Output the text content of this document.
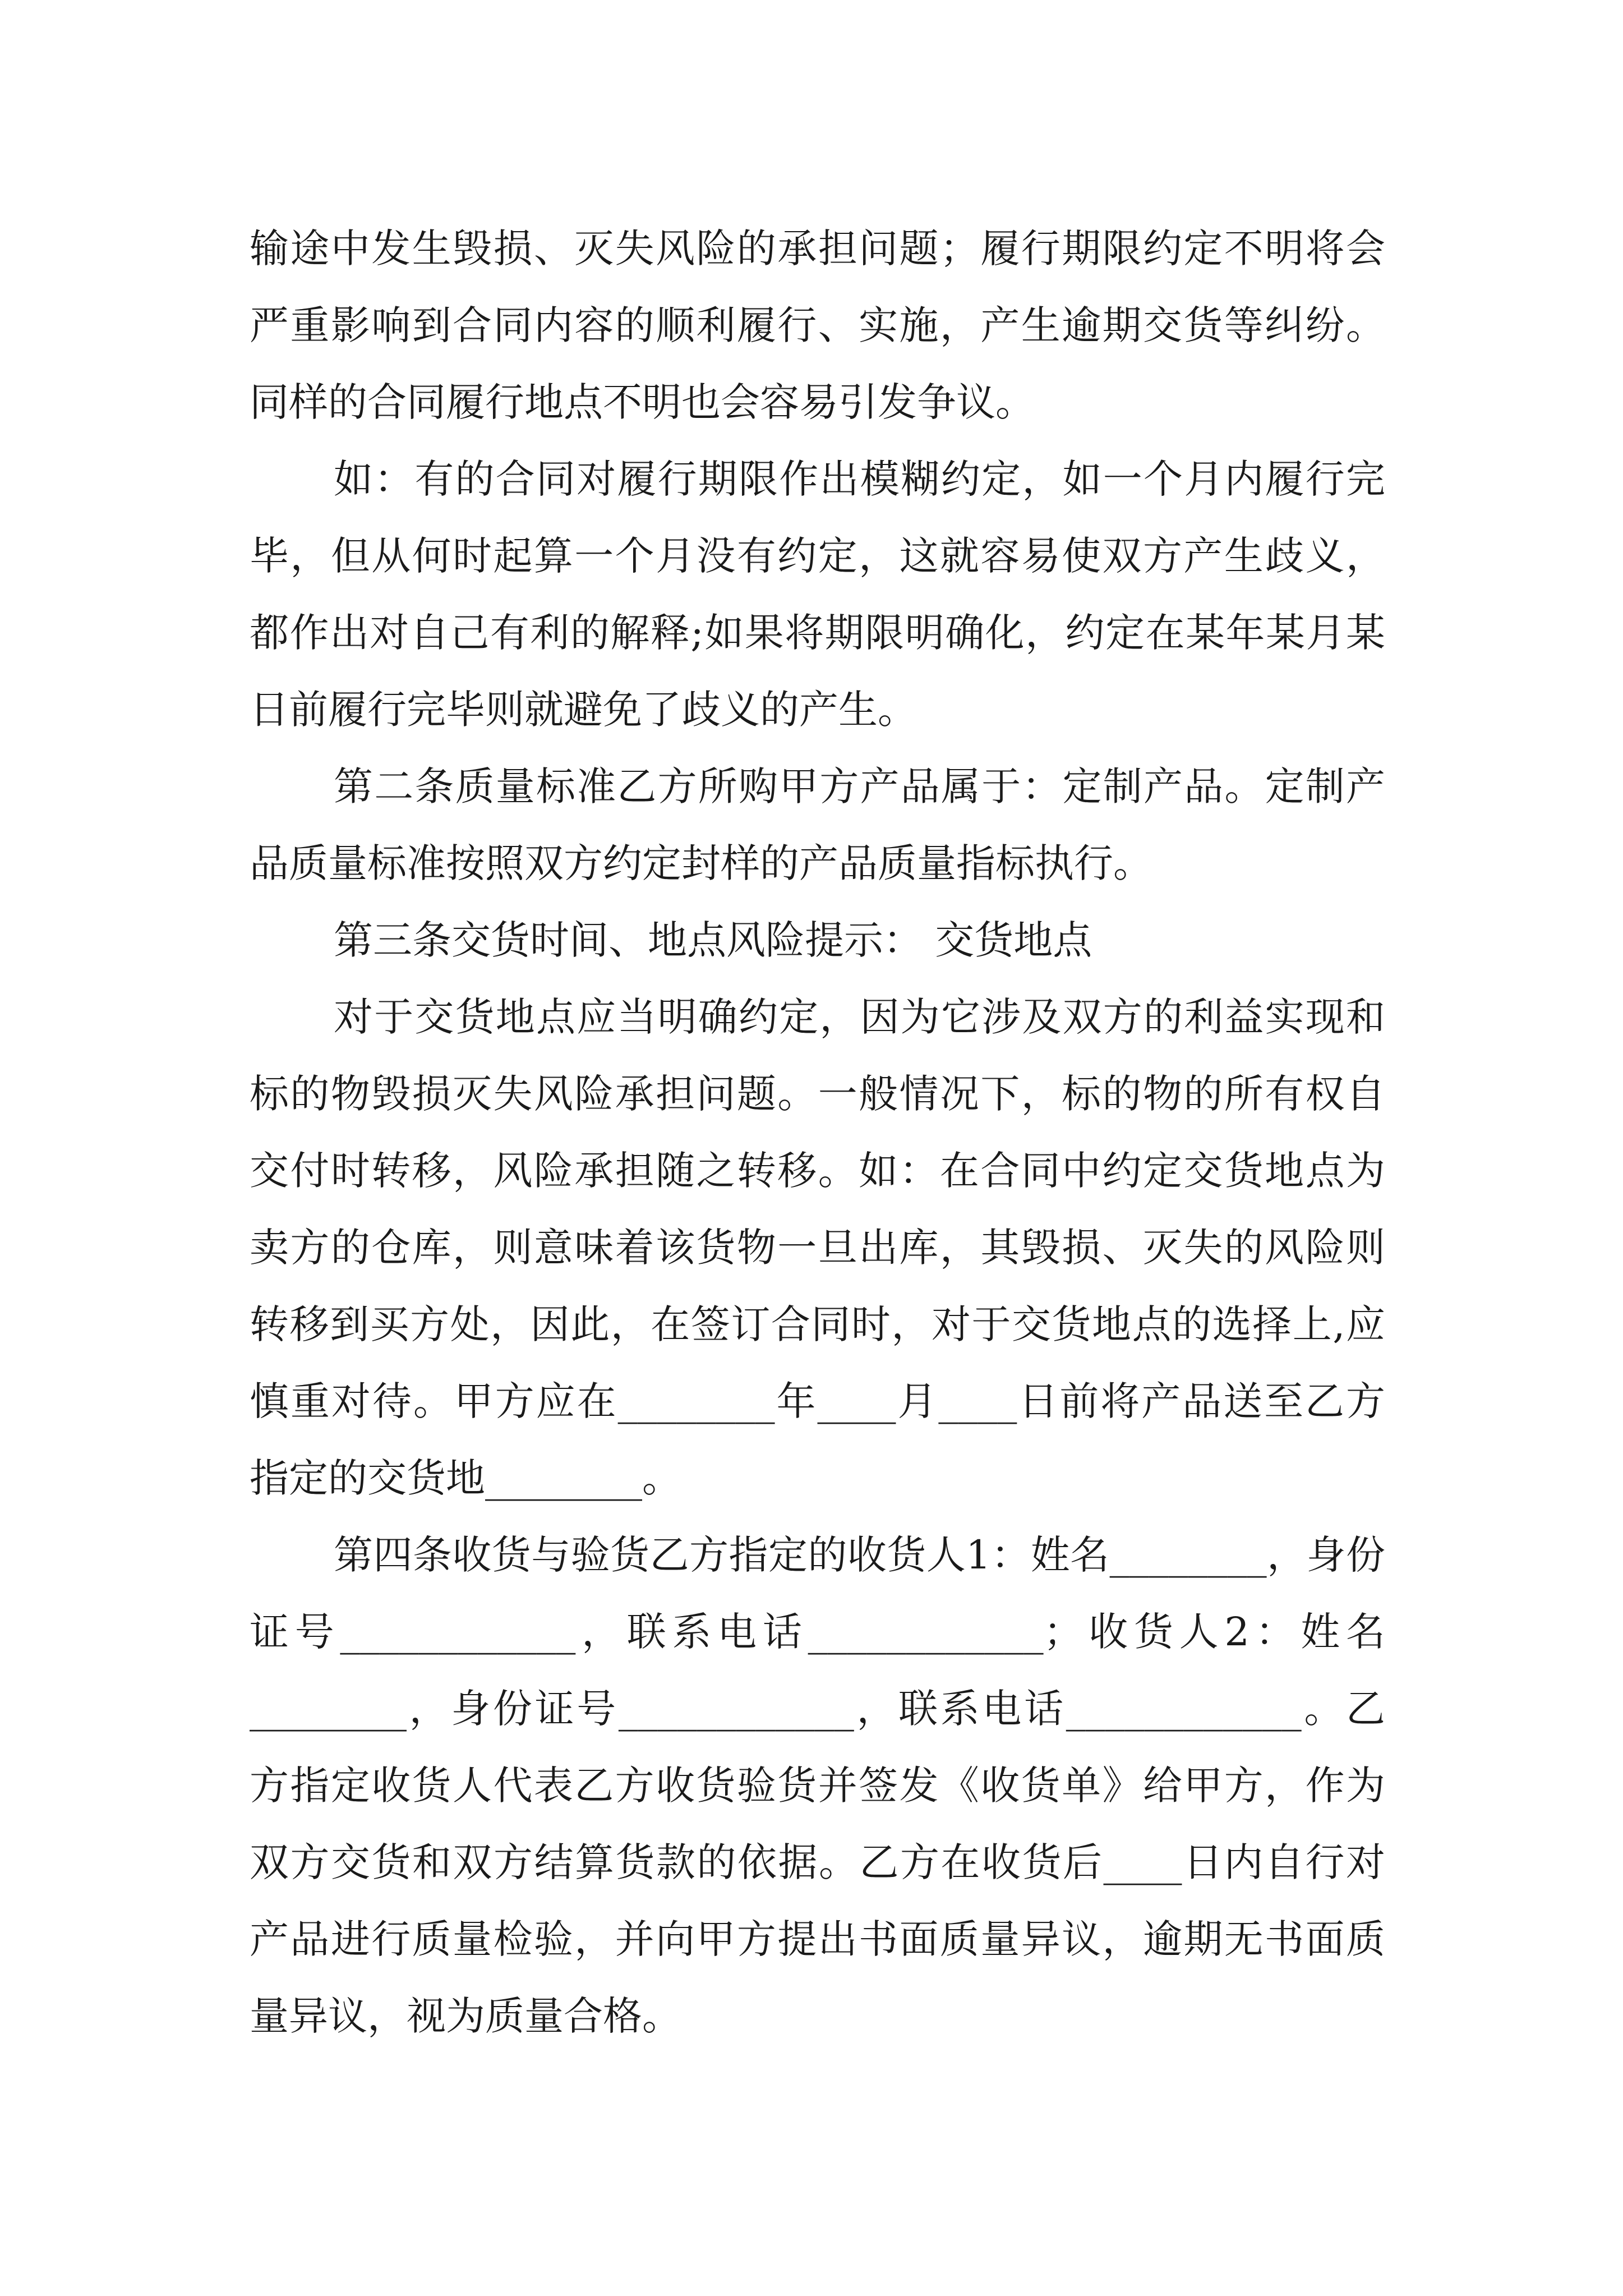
输途中发生毁损、灭失风险的承担问题；履行期限约定不明将会严重影响到合同内容的顺利履行、实施，产生逾期交货等纠纷。同样的合同履行地点不明也会容易引发争议。

如：有的合同对履行期限作出模糊约定，如一个月内履行完毕，但从何时起算一个月没有约定，这就容易使双方产生歧义，都作出对自己有利的解释;如果将期限明确化，约定在某年某月某日前履行完毕则就避免了歧义的产生。

第二条质量标准乙方所购甲方产品属于：定制产品。定制产品质量标准按照双方约定封样的产品质量指标执行。

第三条交货时间、地点风险提示： 交货地点

对于交货地点应当明确约定，因为它涉及双方的利益实现和标的物毁损灭失风险承担问题。一般情况下，标的物的所有权自交付时转移，风险承担随之转移。如：在合同中约定交货地点为卖方的仓库，则意味着该货物一旦出库，其毁损、灭失的风险则转移到买方处，因此，在签订合同时，对于交货地点的选择上,应慎重对待。甲方应在________年____月____日前将产品送至乙方指定的交货地________。

第四条收货与验货乙方指定的收货人1：姓名________，身份证号____________，联系电话____________；收货人2：姓名________，身份证号____________，联系电话____________。乙方指定收货人代表乙方收货验货并签发《收货单》给甲方，作为双方交货和双方结算货款的依据。乙方在收货后____日内自行对产品进行质量检验，并向甲方提出书面质量异议，逾期无书面质量异议，视为质量合格。
